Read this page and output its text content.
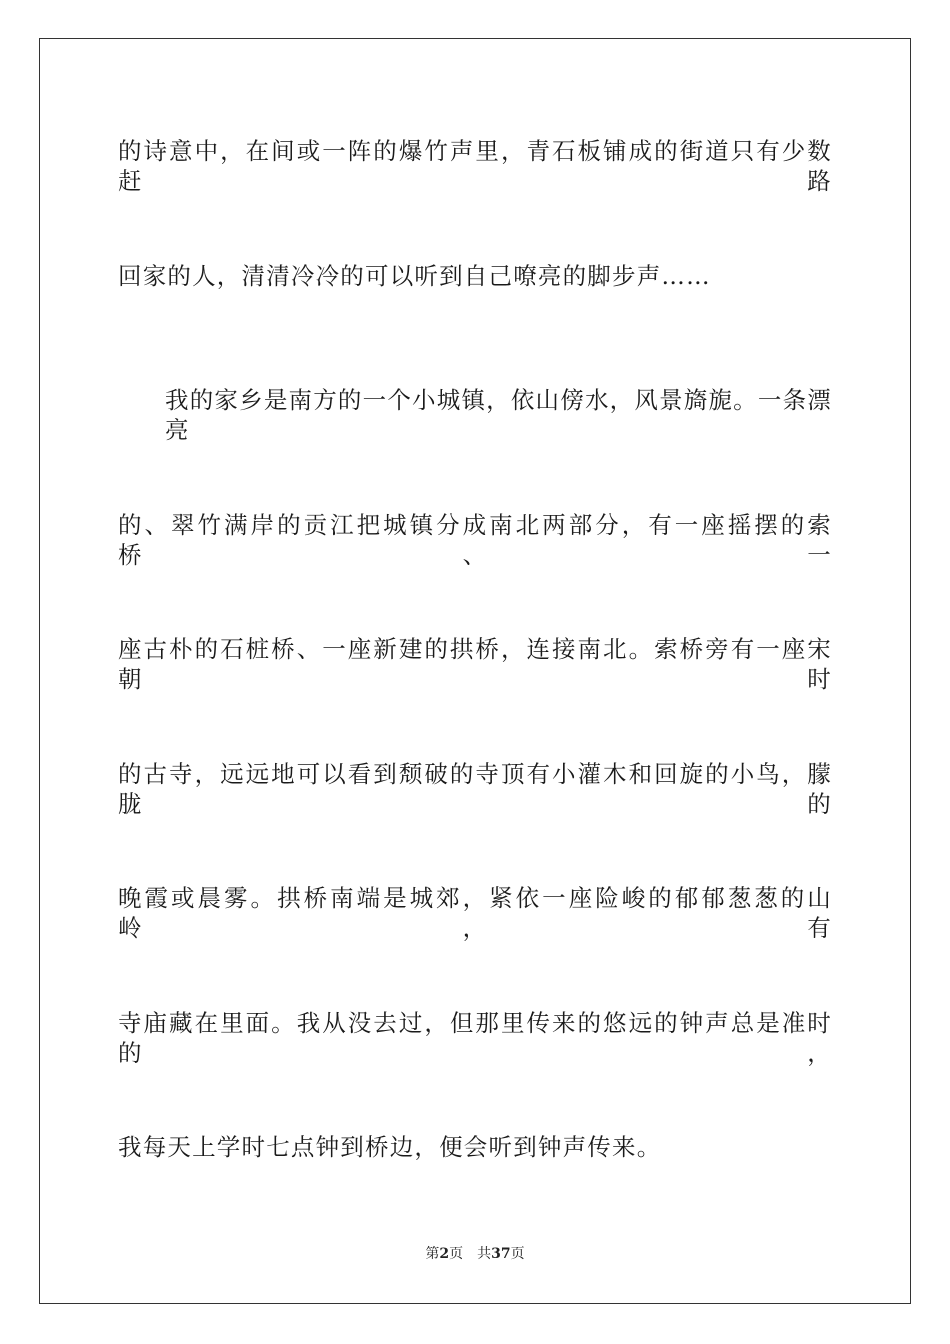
的诗意中，在间或一阵的爆竹声里，青石板铺成的街道只有少数赶路
回家的人，清清冷冷的可以听到自己嘹亮的脚步声……
我的家乡是南方的一个小城镇，依山傍水，风景旖旎。一条漂亮
的、翠竹满岸的贡江把城镇分成南北两部分，有一座摇摆的索桥、一
座古朴的石桩桥、一座新建的拱桥，连接南北。索桥旁有一座宋朝时
的古寺，远远地可以看到颓破的寺顶有小灌木和回旋的小鸟，朦胧的
晚霞或晨雾。拱桥南端是城郊，紧依一座险峻的郁郁葱葱的山岭，有
寺庙藏在里面。我从没去过，但那里传来的悠远的钟声总是准时的，
我每天上学时七点钟到桥边，便会听到钟声传来。
第2页 共37页
